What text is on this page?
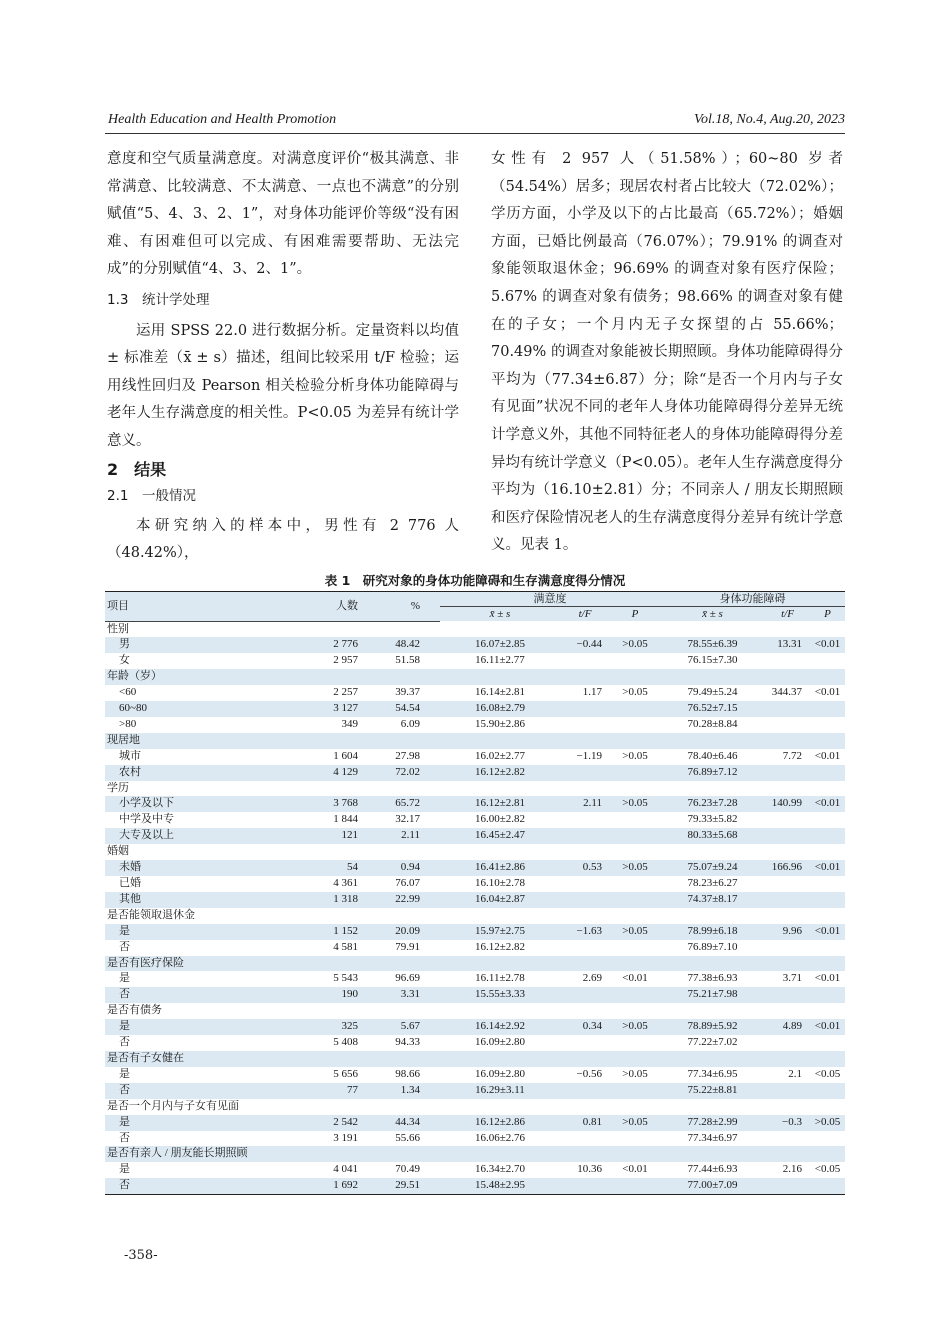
Health Education and Health Promotion	Vol.18, No.4, Aug.20, 2023

意度和空气质量满意度。对满意度评价“极其满意、非常满意、比较满意、不太满意、一点也不满意”的分别赋值“5、4、3、2、1”，对身体功能评价等级“没有困难、有困难但可以完成、有困难需要帮助、无法完成”的分别赋值“4、3、2、1”。

1.3　统计学处理

运用 SPSS 22.0 进行数据分析。定量资料以均值 ± 标准差（x̄ ± s）描述，组间比较采用 t/F 检验；运用线性回归及 Pearson 相关检验分析身体功能障碍与老年人生存满意度的相关性。P<0.05 为差异有统计学意义。

2　结果

2.1　一般情况

本研究纳入的样本中，男性有 2 776 人（48.42%），

女性有 2 957 人（51.58%）；60~80 岁者（54.54%）居多；现居农村者占比较大（72.02%）；学历方面，小学及以下的占比最高（65.72%）；婚姻方面，已婚比例最高（76.07%）；79.91% 的调查对象能领取退休金；96.69% 的调查对象有医疗保险；5.67% 的调查对象有债务；98.66% 的调查对象有健在的子女；一个月内无子女探望的占 55.66%；70.49% 的调查对象能被长期照顾。身体功能障碍得分平均为（77.34±6.87）分；除“是否一个月内与子女有见面”状况不同的老年人身体功能障碍得分差异无统计学意义外，其他不同特征老人的身体功能障碍得分差异均有统计学意义（P<0.05）。老年人生存满意度得分平均为（16.10±2.81）分；不同亲人 / 朋友长期照顾和医疗保险情况老人的生存满意度得分差异有统计学意义。见表 1。

表 1　研究对象的身体功能障碍和生存满意度得分情况
项目	人数	%	满意度			身体功能障碍		
			x̄ ± s	t/F	P	x̄ ± s	t/F	P
性别								
男	2 776	48.42	16.07±2.85	−0.44	>0.05	78.55±6.39	13.31	<0.01
女	2 957	51.58	16.11±2.77			76.15±7.30		
年龄（岁）								
<60	2 257	39.37	16.14±2.81	1.17	>0.05	79.49±5.24	344.37	<0.01
60~80	3 127	54.54	16.08±2.79			76.52±7.15		
>80	349	6.09	15.90±2.86			70.28±8.84		
现居地								
城市	1 604	27.98	16.02±2.77	−1.19	>0.05	78.40±6.46	7.72	<0.01
农村	4 129	72.02	16.12±2.82			76.89±7.12		
学历								
小学及以下	3 768	65.72	16.12±2.81	2.11	>0.05	76.23±7.28	140.99	<0.01
中学及中专	1 844	32.17	16.00±2.82			79.33±5.82		
大专及以上	121	2.11	16.45±2.47			80.33±5.68		
婚姻								
未婚	54	0.94	16.41±2.86	0.53	>0.05	75.07±9.24	166.96	<0.01
已婚	4 361	76.07	16.10±2.78			78.23±6.27		
其他	1 318	22.99	16.04±2.87			74.37±8.17		
是否能领取退休金								
是	1 152	20.09	15.97±2.75	−1.63	>0.05	78.99±6.18	9.96	<0.01
否	4 581	79.91	16.12±2.82			76.89±7.10		
是否有医疗保险								
是	5 543	96.69	16.11±2.78	2.69	<0.01	77.38±6.93	3.71	<0.01
否	190	3.31	15.55±3.33			75.21±7.98		
是否有债务								
是	325	5.67	16.14±2.92	0.34	>0.05	78.89±5.92	4.89	<0.01
否	5 408	94.33	16.09±2.80			77.22±7.02		
是否有子女健在								
是	5 656	98.66	16.09±2.80	−0.56	>0.05	77.34±6.95	2.1	<0.05
否	77	1.34	16.29±3.11			75.22±8.81		
是否一个月内与子女有见面								
是	2 542	44.34	16.12±2.86	0.81	>0.05	77.28±2.99	−0.3	>0.05
否	3 191	55.66	16.06±2.76			77.34±6.97		
是否有亲人 / 朋友能长期照顾								
是	4 041	70.49	16.34±2.70	10.36	<0.01	77.44±6.93	2.16	<0.05
否	1 692	29.51	15.48±2.95			77.00±7.09		
-358-
